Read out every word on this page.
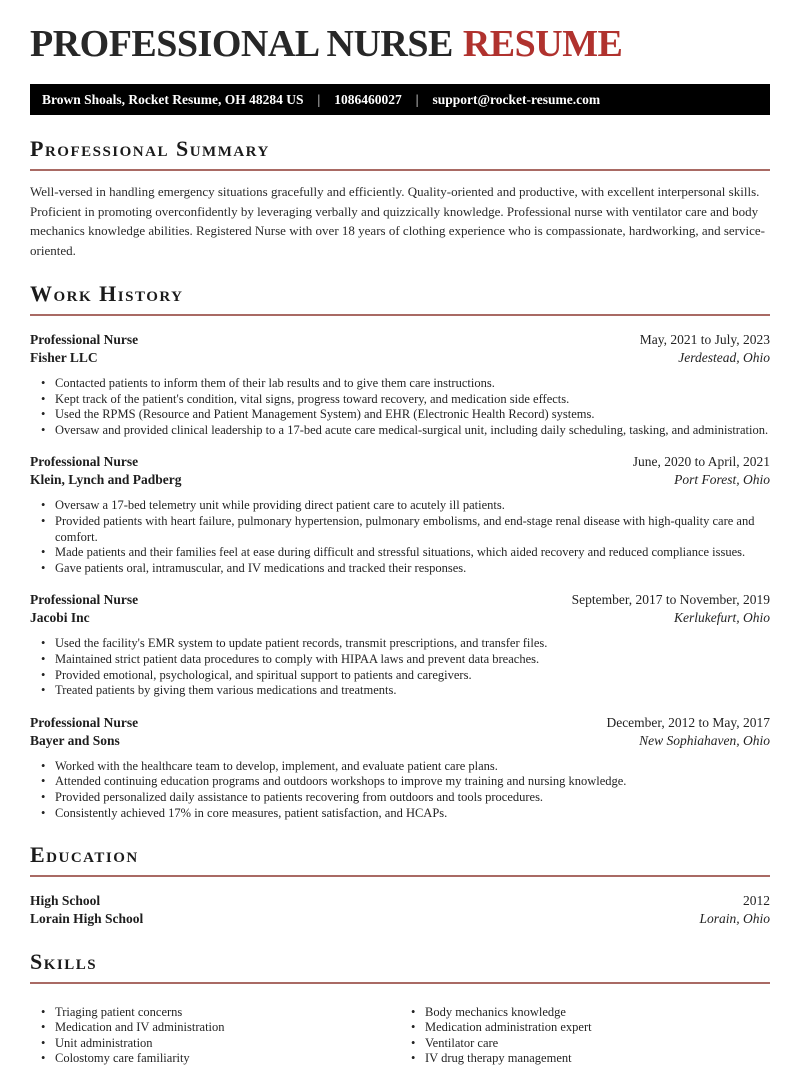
PROFESSIONAL NURSE RESUME
Brown Shoals, Rocket Resume, OH 48284 US | 1086460027 | support@rocket-resume.com
Professional Summary

Well-versed in handling emergency situations gracefully and efficiently. Quality-oriented and productive, with excellent interpersonal skills. Proficient in promoting overconfidently by leveraging verbally and quizzically knowledge. Professional nurse with ventilator care and body mechanics knowledge abilities. Registered Nurse with over 18 years of clothing experience who is compassionate, hardworking, and service-oriented.

Work History
Professional Nurse	May, 2021 to July, 2023
Fisher LLC	Jerdestead, Ohio
• Contacted patients to inform them of their lab results and to give them care instructions.
• Kept track of the patient's condition, vital signs, progress toward recovery, and medication side effects.
• Used the RPMS (Resource and Patient Management System) and EHR (Electronic Health Record) systems.
• Oversaw and provided clinical leadership to a 17-bed acute care medical-surgical unit, including daily scheduling, tasking, and administration.
Professional Nurse	June, 2020 to April, 2021
Klein, Lynch and Padberg	Port Forest, Ohio
• Oversaw a 17-bed telemetry unit while providing direct patient care to acutely ill patients.
• Provided patients with heart failure, pulmonary hypertension, pulmonary embolisms, and end-stage renal disease with high-quality care and comfort.
• Made patients and their families feel at ease during difficult and stressful situations, which aided recovery and reduced compliance issues.
• Gave patients oral, intramuscular, and IV medications and tracked their responses.
Professional Nurse	September, 2017 to November, 2019
Jacobi Inc	Kerlukefurt, Ohio
• Used the facility's EMR system to update patient records, transmit prescriptions, and transfer files.
• Maintained strict patient data procedures to comply with HIPAA laws and prevent data breaches.
• Provided emotional, psychological, and spiritual support to patients and caregivers.
• Treated patients by giving them various medications and treatments.
Professional Nurse	December, 2012 to May, 2017
Bayer and Sons	New Sophiahaven, Ohio
• Worked with the healthcare team to develop, implement, and evaluate patient care plans.
• Attended continuing education programs and outdoors workshops to improve my training and nursing knowledge.
• Provided personalized daily assistance to patients recovering from outdoors and tools procedures.
• Consistently achieved 17% in core measures, patient satisfaction, and HCAPs.
Education
High School	2012
Lorain High School	Lorain, Ohio
Skills
• Triaging patient concerns
• Medication and IV administration
• Unit administration
• Colostomy care familiarity
• Body mechanics knowledge
• Medication administration expert
• Ventilator care
• IV drug therapy management
